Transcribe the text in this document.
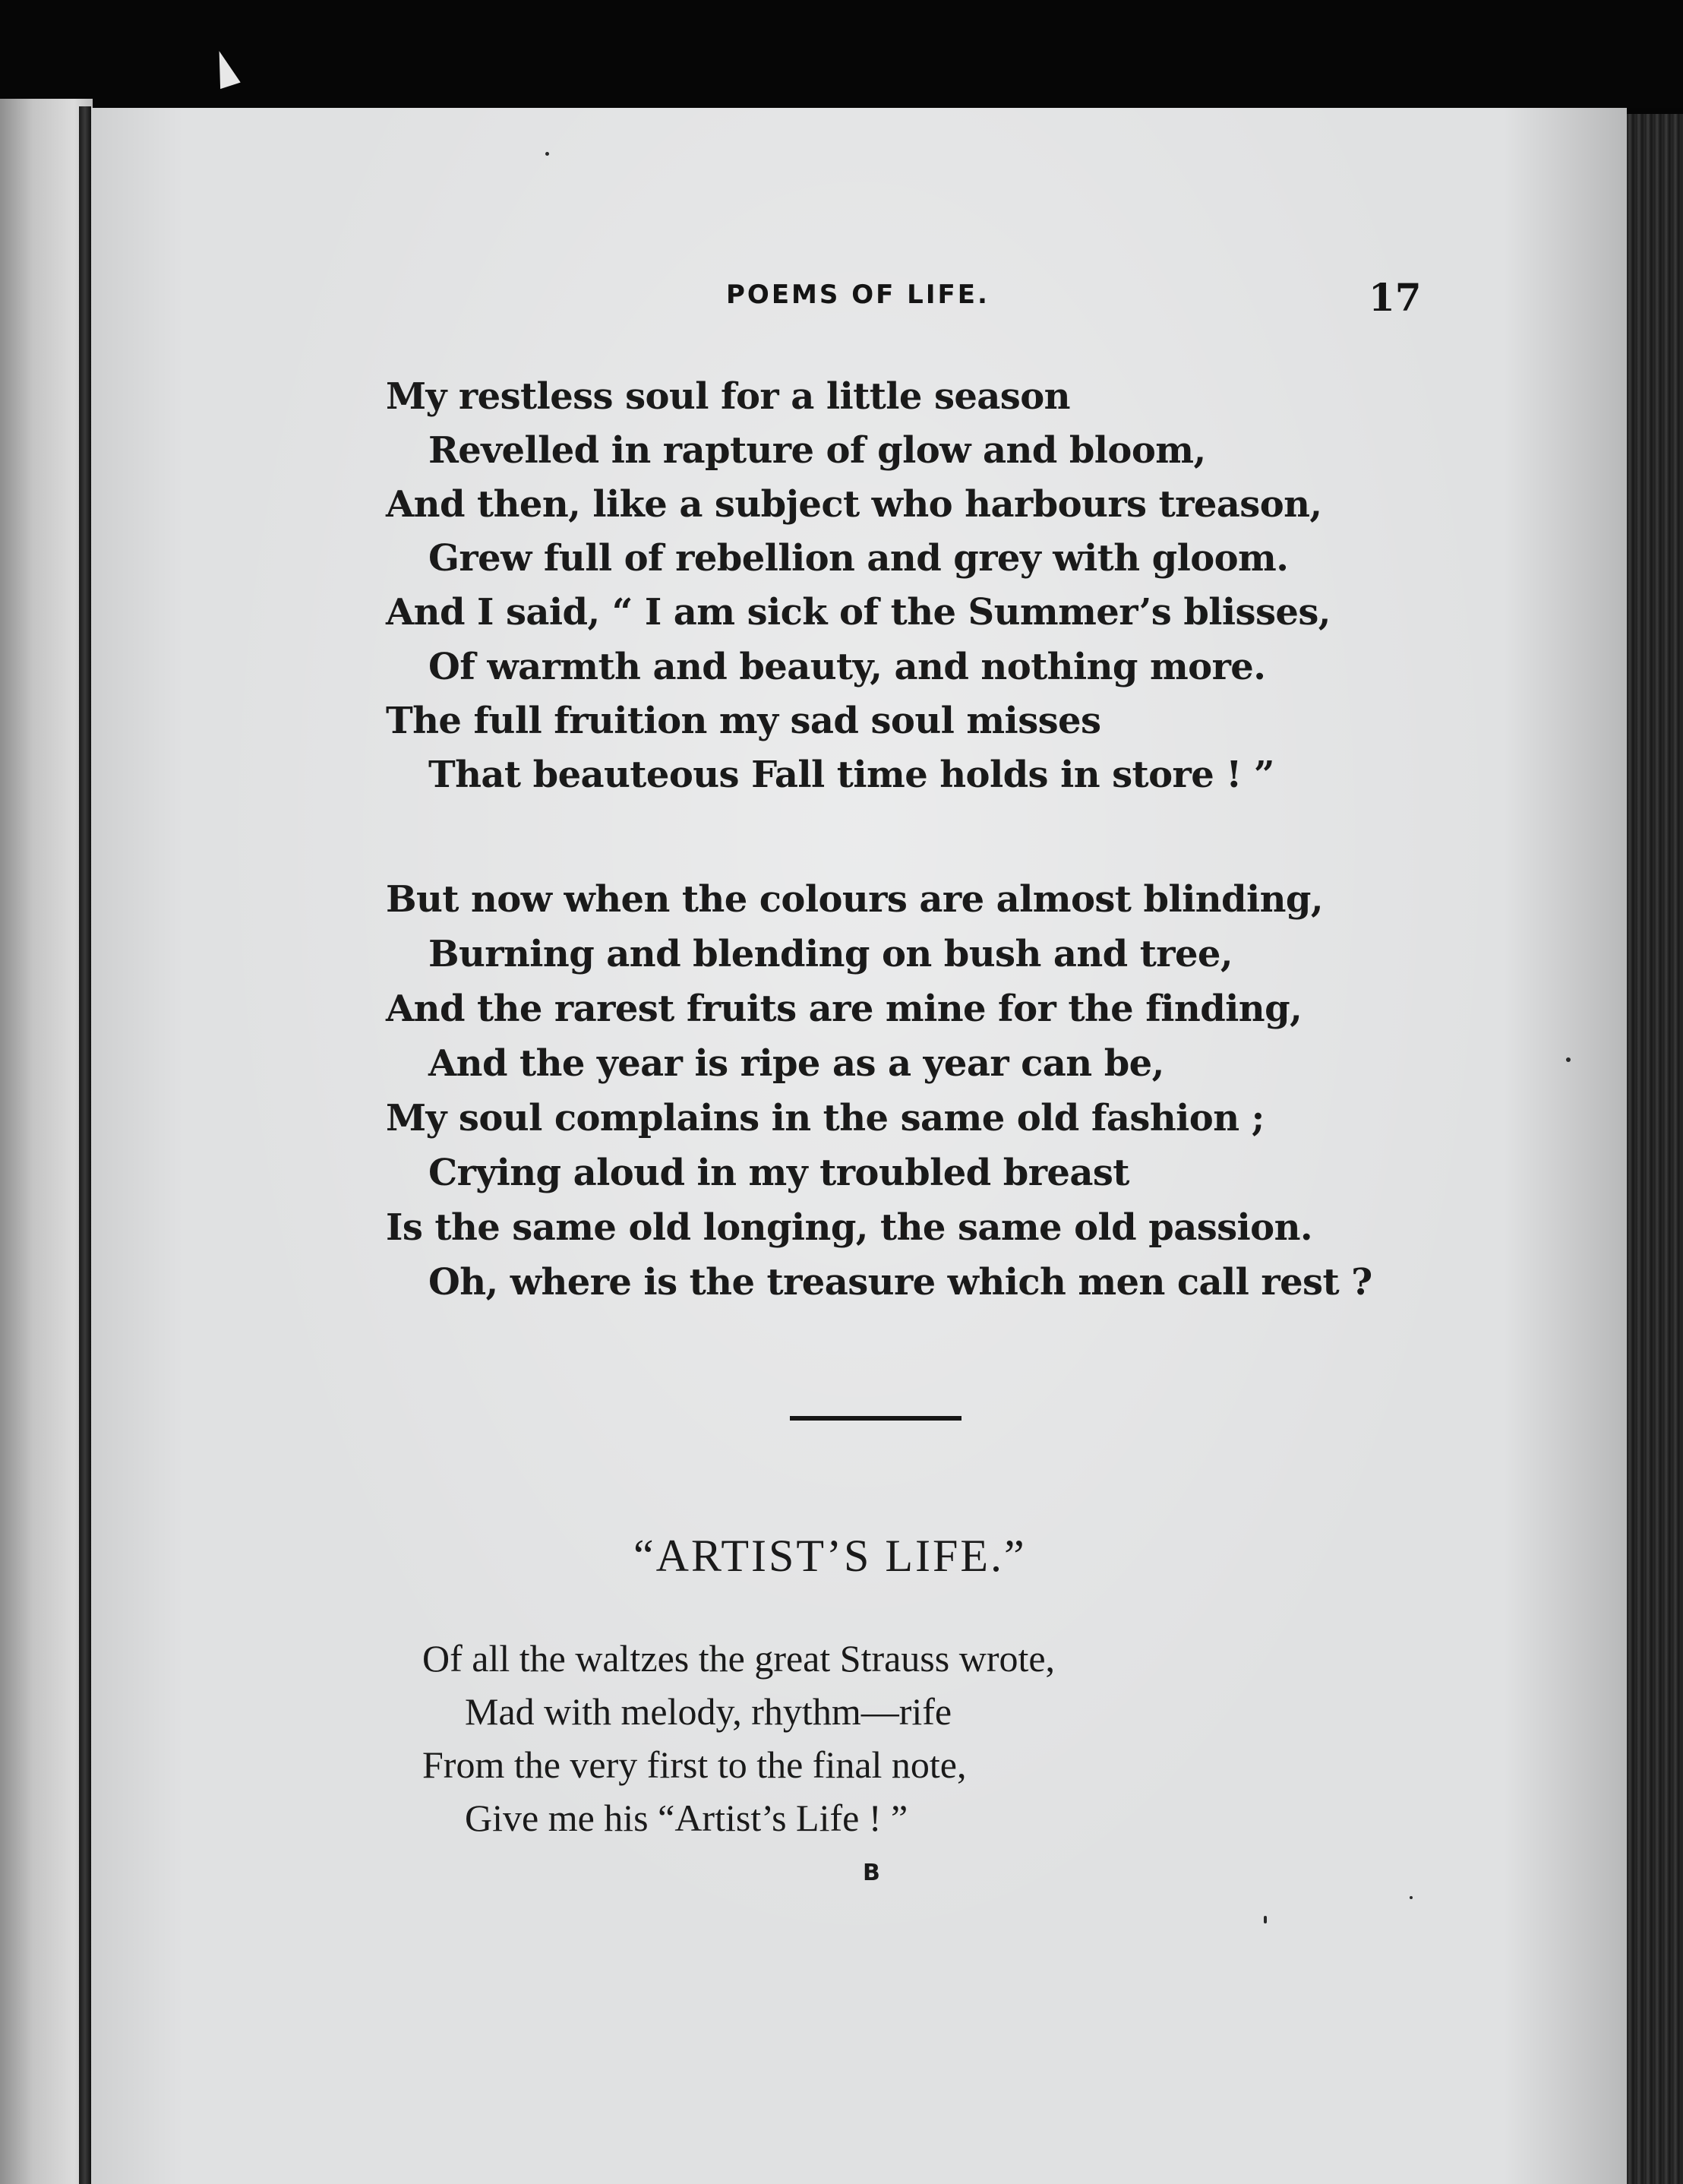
POEMS OF LIFE.	17
My restless soul for a little season
Revelled in rapture of glow and bloom,
And then, like a subject who harbours treason,
Grew full of rebellion and grey with gloom.
And I said, “ I am sick of the Summer’s blisses,
Of warmth and beauty, and nothing more.
The full fruition my sad soul misses
That beauteous Fall time holds in store ! ”
But now when the colours are almost blinding,
Burning and blending on bush and tree,
And the rarest fruits are mine for the finding,
And the year is ripe as a year can be,
My soul complains in the same old fashion ;
Crying aloud in my troubled breast
Is the same old longing, the same old passion.
Oh, where is the treasure which men call rest ?
“ARTIST’S LIFE.”
Of all the waltzes the great Strauss wrote,
Mad with melody, rhythm—rife
From the very first to the final note,
Give me his “Artist’s Life ! ”
B
